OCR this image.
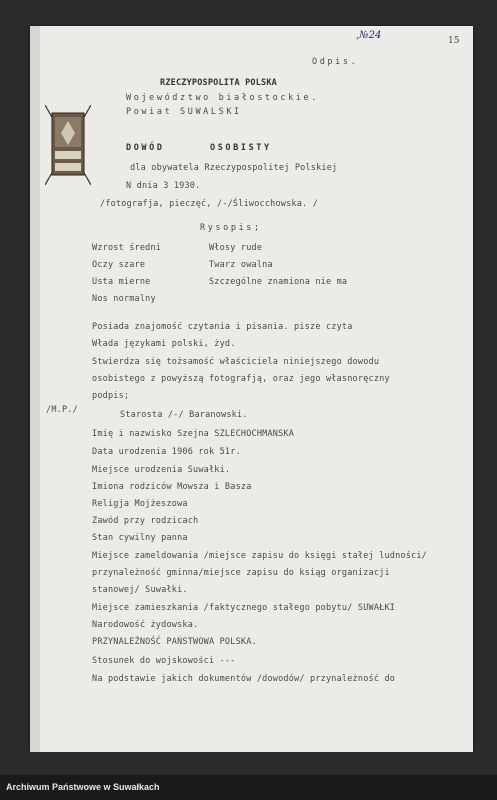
,№24	15
Odpis.
RZECZYPOSPOLITA POLSKA
Województwo białostockie.
Powiat SUWALSKI
DOWÓD	OSOBISTY
dla obywatela Rzeczypospolitej Polskiej
N dnia 3 1930.
/fotografja, pieczęć, /-/Śliwocchowska. /
Rysopis;
Wzrost średni         Włosy rude
Oczy szare            Twarz owalna
Usta mierne           Szczególne znamiona nie ma
Nos normalny
Posiada znajomość czytania i pisania. pisze czyta
Włada językami polski, żyd.
Stwierdza się tożsamość właściciela niniejszego dowodu
osobistego z powyższą fotografją, oraz jego własnoręczny
podpis;
/M.P./	Starosta /-/ Baranowski.
Imię i nazwisko Szejna SZLECHOCHMANSKA
Data urodzenia 1906 rok 51r.
Miejsce urodzenia Suwałki.
Imiona rodziców Mowsza i Basza
Religja Mojżeszowa
Zawód przy rodzicach
Stan cywilny panna
Miejsce zameldowania /miejsce zapisu do księgi stałej ludności/
przynależność gminna/miejsce zapisu do ksiąg organizacji
stanowej/ Suwałki.
Miejsce zamieszkania /faktycznego stałego pobytu/ SUWAŁKI
Narodowość żydowska.
PRZYNALEŻNOŚĆ PAŃSTWOWA POLSKA.
Stosunek do wojskowości ---
Na podstawie jakich dokumentów /dowodów/ przynależność do
Archiwum Państwowe w Suwałkach
